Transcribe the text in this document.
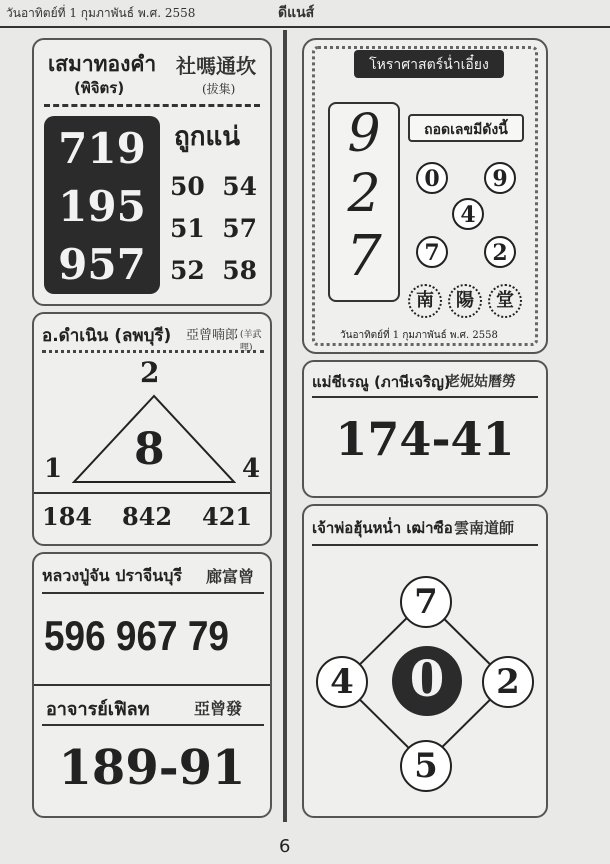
วันอาทิตย์ที่ 1 กุมภาพันธ์ พ.ศ. 2558	ดีแนส์
เสมาทองคำ
(พิจิตร)
社嗎通坎
(拔集)
719
195
957
ถูกแน่
50  54
51  57
52  58
อ.ดำเนิน (ลพบุรี) 亞曾喃郎 (羊武哩)
2
8
1	4
184 842 421
หลวงปู่จัน ปราจีนบุรี 廊富曾
596 967 79
อาจารย์เฟิลท	亞曾發
189-91
โหราศาสตร์น่ำเอี๋ยง
9
2
7
ถอดเลขมีดังนี้
0	9
4
7	2
南	陽	堂
วันอาทิตย์ที่ 1 กุมภาพันธ์ พ.ศ. 2558
แม่ชีเรณู (ภาษีเจริญ)
老妮姑曆勞
174-41
เจ้าพ่อฮุ้นหน่ำ เฒ่าซือ 雲南道師
7
4	0	2
5
6
